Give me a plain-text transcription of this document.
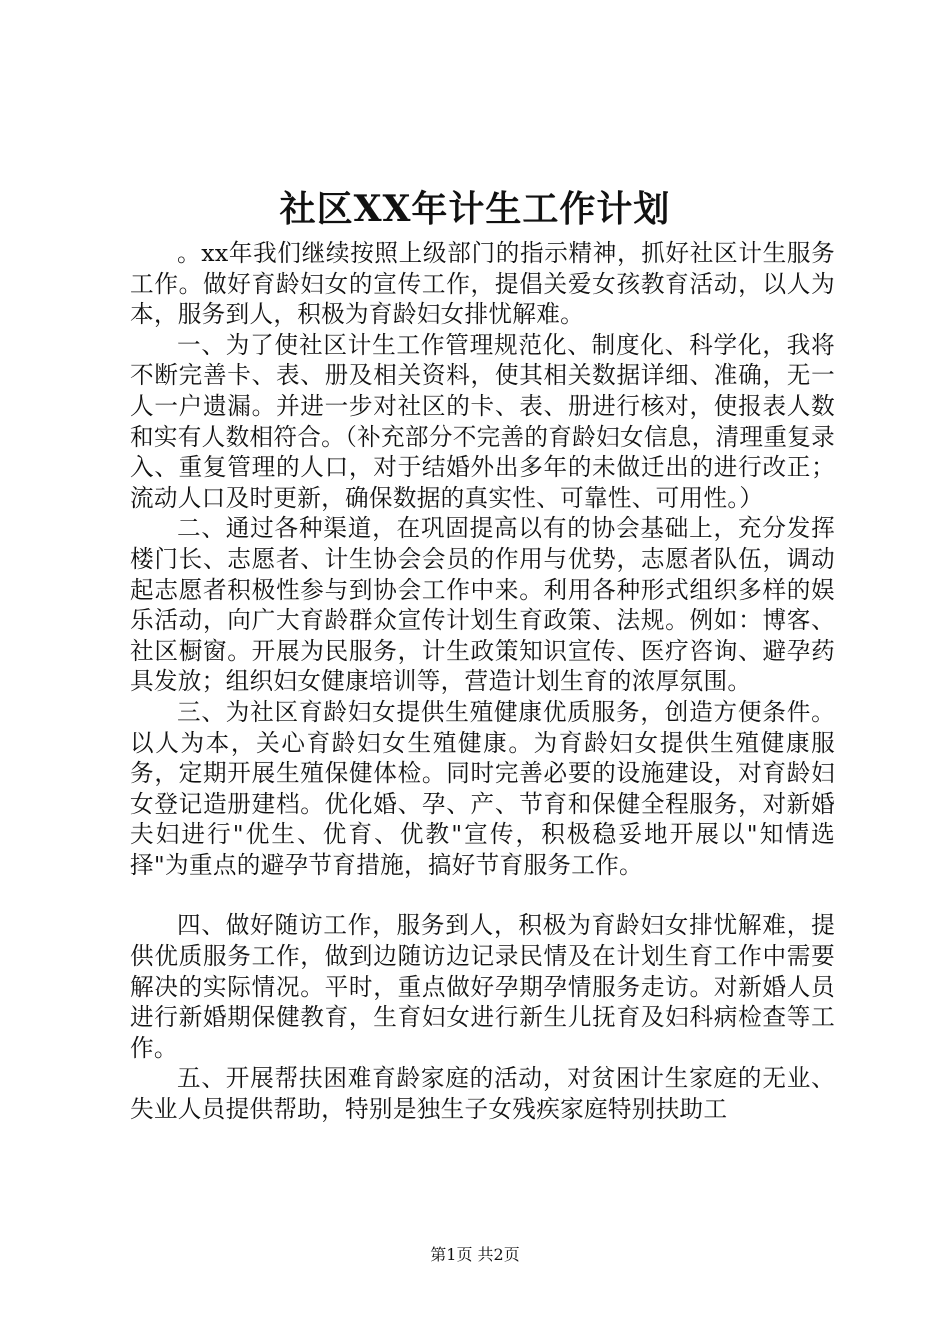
社区XX年计生工作计划

。xx年我们继续按照上级部门的指示精神，抓好社区计生服务工作。做好育龄妇女的宣传工作，提倡关爱女孩教育活动，以人为本，服务到人，积极为育龄妇女排忧解难。

一、为了使社区计生工作管理规范化、制度化、科学化，我将不断完善卡、表、册及相关资料，使其相关数据详细、准确，无一人一户遗漏。并进一步对社区的卡、表、册进行核对，使报表人数和实有人数相符合。（补充部分不完善的育龄妇女信息，清理重复录入、重复管理的人口，对于结婚外出多年的未做迁出的进行改正；流动人口及时更新，确保数据的真实性、可靠性、可用性。）

二、通过各种渠道，在巩固提高以有的协会基础上，充分发挥楼门长、志愿者、计生协会会员的作用与优势，志愿者队伍，调动起志愿者积极性参与到协会工作中来。利用各种形式组织多样的娱乐活动，向广大育龄群众宣传计划生育政策、法规。例如：博客、社区橱窗。开展为民服务，计生政策知识宣传、医疗咨询、避孕药具发放；组织妇女健康培训等，营造计划生育的浓厚氛围。

三、为社区育龄妇女提供生殖健康优质服务，创造方便条件。以人为本，关心育龄妇女生殖健康。为育龄妇女提供生殖健康服务，定期开展生殖保健体检。同时完善必要的设施建设，对育龄妇女登记造册建档。优化婚、孕、产、节育和保健全程服务，对新婚夫妇进行"优生、优育、优教"宣传，积极稳妥地开展以"知情选择"为重点的避孕节育措施，搞好节育服务工作。

四、做好随访工作，服务到人，积极为育龄妇女排忧解难，提供优质服务工作，做到边随访边记录民情及在计划生育工作中需要解决的实际情况。平时，重点做好孕期孕情服务走访。对新婚人员进行新婚期保健教育，生育妇女进行新生儿抚育及妇科病检查等工作。

五、开展帮扶困难育龄家庭的活动，对贫困计生家庭的无业、失业人员提供帮助，特别是独生子女残疾家庭特别扶助工

第1页 共2页
